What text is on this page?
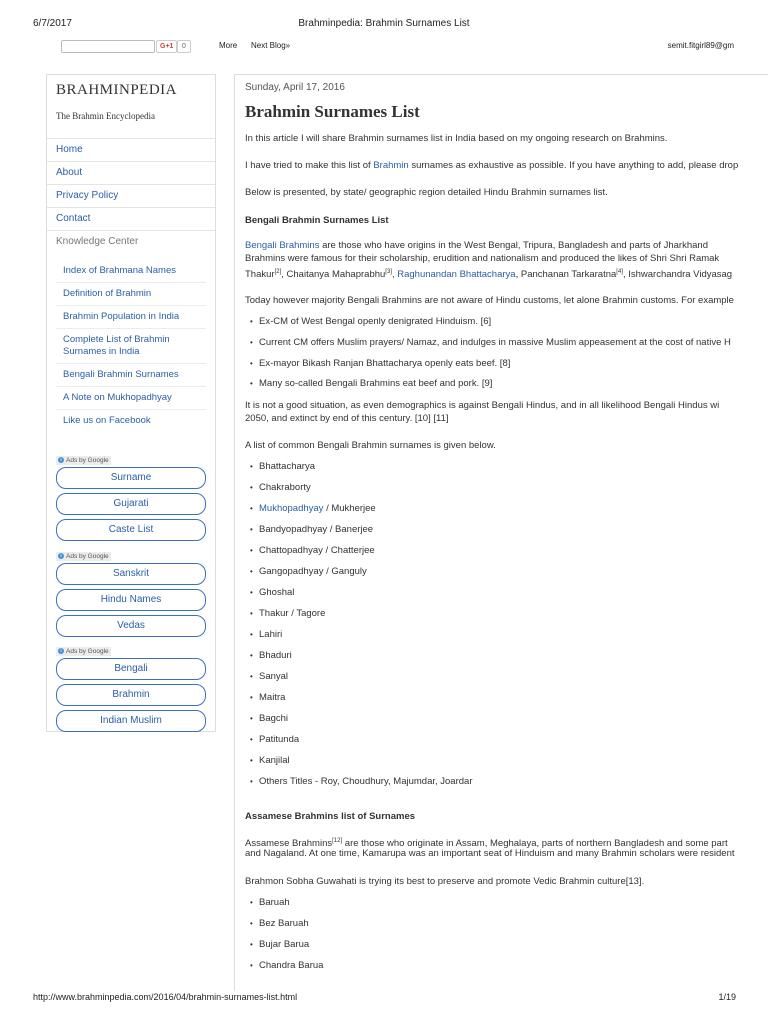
6/7/2017	Brahminpedia: Brahmin Surnames List
G+1	0	More Next Blog»	semit.fitgirl89@gm
BRAHMINPEDIA
The Brahmin Encyclopedia
Home
About
Privacy Policy
Contact
Knowledge Center
Index of Brahmana Names
Definition of Brahmin
Brahmin Population in India
Complete List of Brahmin Surnames in India
Bengali Brahmin Surnames
A Note on Mukhopadhyay
Like us on Facebook
i Ads by Google
Surname
Gujarati
Caste List
i Ads by Google
Sanskrit
Hindu Names
Vedas
i Ads by Google
Bengali
Brahmin
Indian Muslim
Sunday, April 17, 2016
Brahmin Surnames List

In this article I will share Brahmin surnames list in India based on my ongoing research on Brahmins.

I have tried to make this list of Brahmin surnames as exhaustive as possible. If you have anything to add, please drop

Below is presented, by state/ geographic region detailed Hindu Brahmin surnames list.

Bengali Brahmin Surnames List

Bengali Brahmins are those who have origins in the West Bengal, Tripura, Bangladesh and parts of Jharkhand

Brahmins were famous for their scholarship, erudition and nationalism and produced the likes of Shri Shri Ramak

Thakur[2], Chaitanya Mahaprabhu[3], Raghunandan Bhattacharya, Panchanan Tarkaratna[4], Ishwarchandra Vidyasag

Today however majority Bengali Brahmins are not aware of Hindu customs, let alone Brahmin customs. For example

• Ex-CM of West Bengal openly denigrated Hinduism. [6]
• Current CM offers Muslim prayers/ Namaz, and indulges in massive Muslim appeasement at the cost of native H
• Ex-mayor Bikash Ranjan Bhattacharya openly eats beef. [8]
• Many so-called Bengali Brahmins eat beef and pork. [9]

It is not a good situation, as even demographics is against Bengali Hindus, and in all likelihood Bengali Hindus wi

2050, and extinct by end of this century. [10] [11]

A list of common Bengali Brahmin surnames is given below.

• Bhattacharya
• Chakraborty
• Mukhopadhyay / Mukherjee
• Bandyopadhyay / Banerjee
• Chattopadhyay / Chatterjee
• Gangopadhyay / Ganguly
• Ghoshal
• Thakur / Tagore
• Lahiri
• Bhaduri
• Sanyal
• Maitra
• Bagchi
• Patitunda
• Kanjilal
• Others Titles - Roy, Choudhury, Majumdar, Joardar
Assamese Brahmins list of Surnames

Assamese Brahmins[12] are those who originate in Assam, Meghalaya, parts of northern Bangladesh and some part

and Nagaland. At one time, Kamarupa was an important seat of Hinduism and many Brahmin scholars were resident

Brahmon Sobha Guwahati is trying its best to preserve and promote Vedic Brahmin culture[13].

• Baruah
• Bez Baruah
• Bujar Barua
• Chandra Barua
http://www.brahminpedia.com/2016/04/brahmin-surnames-list.html	1/19
